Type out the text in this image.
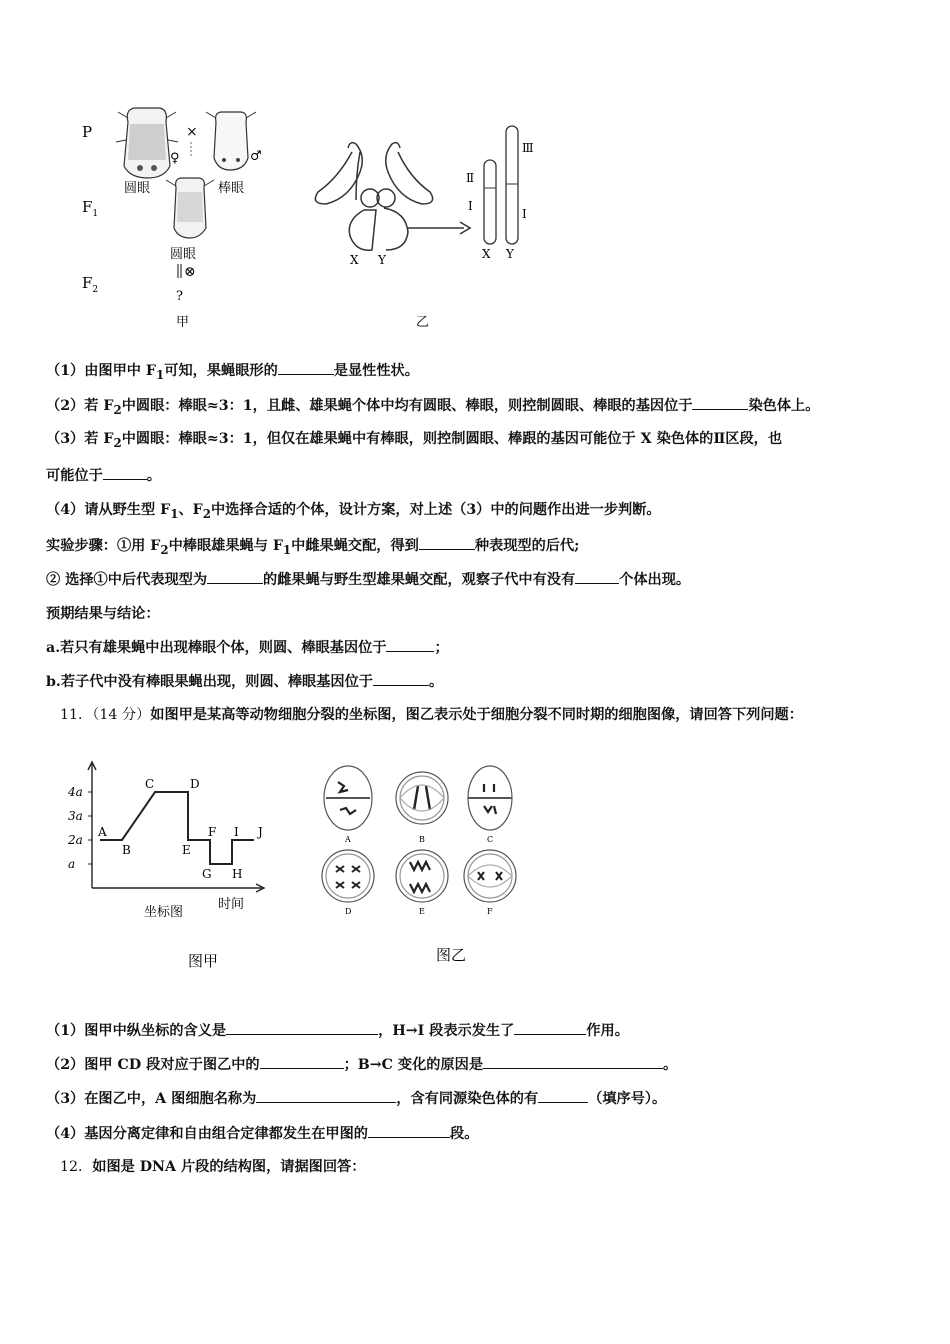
P
$F_1$
$F_2$
×
♀
圆眼
♂
棒眼
圆眼
⊗
?
甲
X Y
Ⅱ
I
Ⅲ
I
X Y
乙
（1）由图甲中 $F_1$可知，果蝇眼形的	是显性性状。
（2）若 $F_2$中圆眼：棒眼≈3：1，且雌、雄果蝇个体中均有圆眼、棒眼，则控制圆眼、棒眼的基因位于	染色体上。
（3）若 $F_2$中圆眼：棒眼≈3：1，但仅在雄果蝇中有棒眼，则控制圆眼、棒跟的基因可能位于 X 染色体的Ⅱ区段，也
可能位于	。
（4）请从野生型 $F_1$、$F_2$中选择合适的个体，设计方案，对上述（3）中的问题作出进一步判断。
实验步骤：①用 $F_2$中棒眼雄果蝇与 $F_1$中雌果蝇交配，得到	种表现型的后代;
② 选择①中后代表现型为	的雌果蝇与野生型雄果蝇交配，观察子代中有没有	个体出现。
预期结果与结论：
a.若只有雄果蝇中出现棒眼个体，则圆、棒眼基因位于	；
b.若子代中没有棒眼果蝇出现，则圆、棒眼基因位于	。
11．（14 分）如图甲是某高等动物细胞分裂的坐标图，图乙表示处于细胞分裂不同时期的细胞图像，请回答下列问题：
a
2a
3a
4a
A
B
C	D
E
F
G H
I J
时间
坐标图
图甲
A	B	C
D	E	F
图乙
（1）图甲中纵坐标的含义是	，H→I 段表示发生了	作用。
（2）图甲 CD 段对应于图乙中的	；B→C 变化的原因是	。
（3）在图乙中，A 图细胞名称为	，含有同源染色体的有	（填序号）。
（4）基因分离定律和自由组合定律都发生在甲图的	段。
12．如图是 DNA 片段的结构图，请据图回答：
